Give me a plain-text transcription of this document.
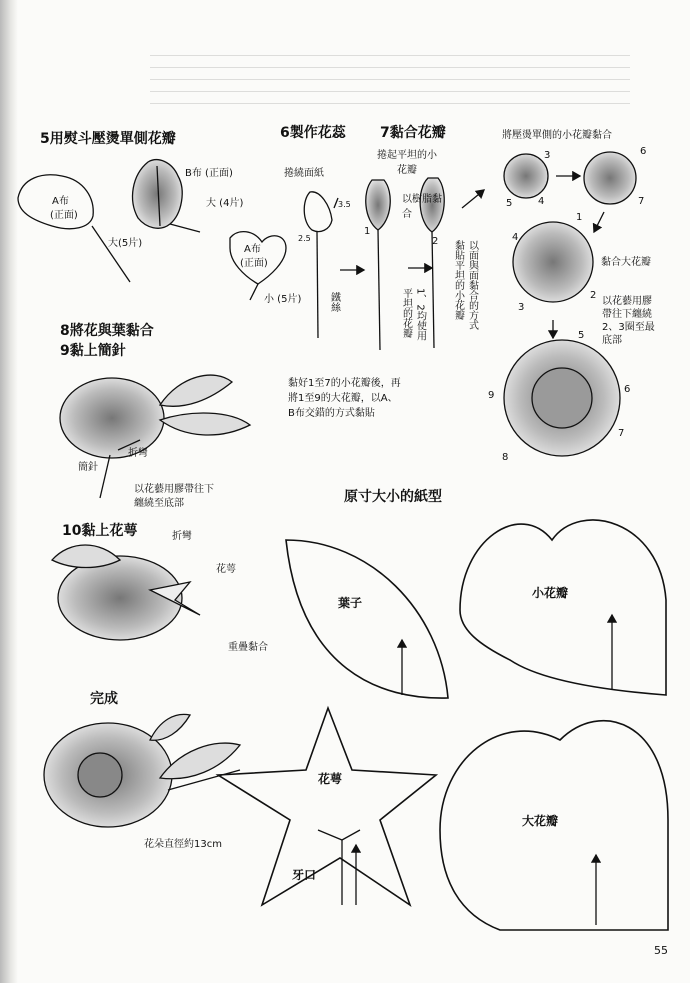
5用熨斗壓燙單側花瓣
A布
(正面)
大(5片)
B布 (正面)
大 (4片)
A布
(正面)
小 (5片)
6製作花蕊
捲繞面紙
3.5
2.5
鐵絲
7黏合花瓣
捲起平坦的小花瓣
以樹脂黏合
1
2
平坦的花瓣 1、2均使用	以面與面黏合的方式
黏貼平坦的小花瓣
將壓燙單側的小花瓣黏合
3
4
5
6
7
1
2
4
3
黏合大花瓣
以花藝用膠
帶往下纏繞
2、3圈至最
底部
5
6
7
8
9
黏好1至7的小花瓣後，再
將1至9的大花瓣，以A、
B布交錯的方式黏貼
8將花與葉黏合
9黏上簡針
簡針
折彎
以花藝用膠帶往下
纏繞至底部
10黏上花萼	折彎
花萼
重疊黏合
完成
花朵直徑約13cm
原寸大小的紙型
葉子
小花瓣
花萼
牙口
大花瓣
55
